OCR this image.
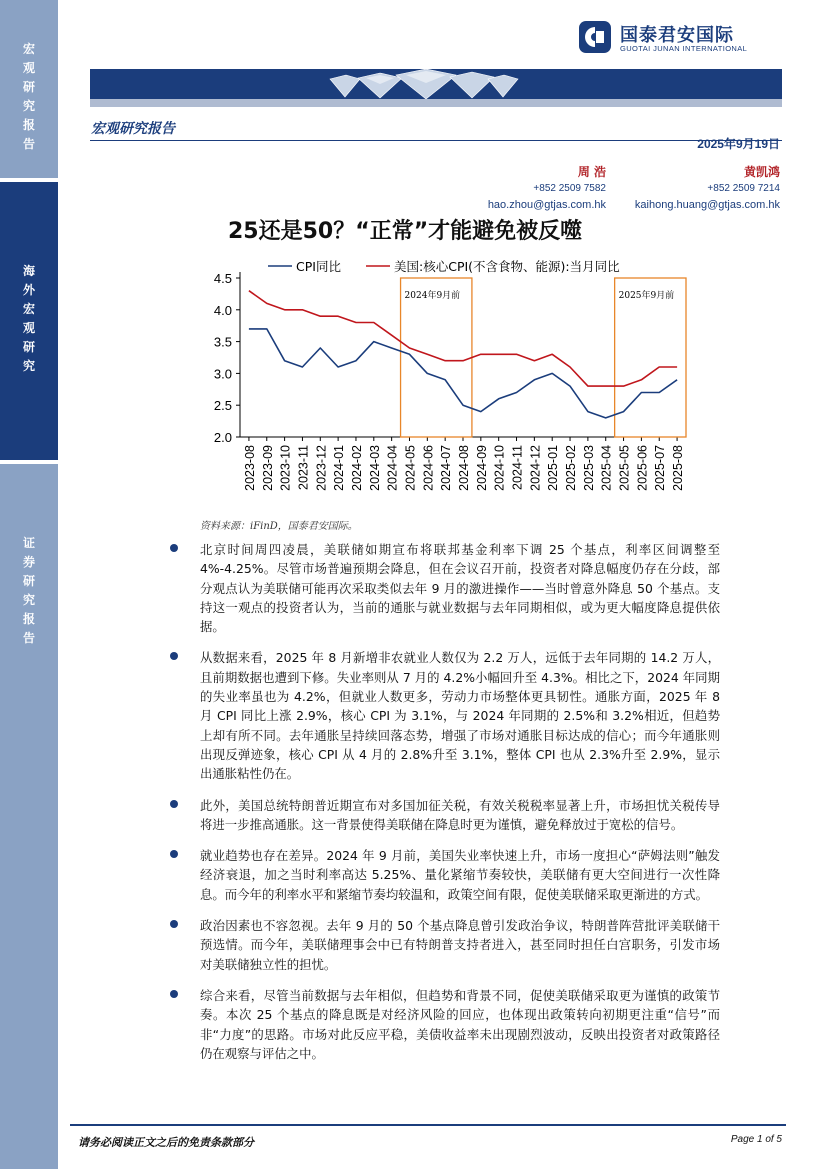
宏
观
研
究
报
告
海
外
宏
观
研
究
证
券
研
究
报
告
国泰君安国际
GUOTAI JUNAN INTERNATIONAL
宏观研究报告
2025年9月19日
周 浩
+852 2509 7582
hao.zhou@gtjas.com.hk
黄凯鸿
+852 2509 7214
kaihong.huang@gtjas.com.hk
25还是50？“正常”才能避免被反噬
4.5
4.0
3.5
3.0
2.5
2.0
2023-08 2023-09 2023-10 2023-11 2023-12 2024-01 2024-02 2024-03 2024-04 2024-05 2024-06 2024-07 2024-08 2024-09 2024-10 2024-11 2024-12 2025-01 2025-02 2025-03 2025-04 2025-05 2025-06 2025-07 2025-08
2024年9月前	2025年9月前
CPI同比	美国:核心CPI(不含食物、能源):当月同比
资料来源：iFinD，国泰君安国际。
北京时间周四凌晨，美联储如期宣布将联邦基金利率下调 25 个基点，利率区间调整至 4%-4.25%。尽管市场普遍预期会降息，但在会议召开前，投资者对降息幅度仍存在分歧，部分观点认为美联储可能再次采取类似去年 9 月的激进操作——当时曾意外降息 50 个基点。支持这一观点的投资者认为，当前的通胀与就业数据与去年同期相似，或为更大幅度降息提供依据。
从数据来看，2025 年 8 月新增非农就业人数仅为 2.2 万人，远低于去年同期的 14.2 万人，且前期数据也遭到下修。失业率则从 7 月的 4.2%小幅回升至 4.3%。相比之下，2024 年同期的失业率虽也为 4.2%，但就业人数更多，劳动力市场整体更具韧性。通胀方面，2025 年 8 月 CPI 同比上涨 2.9%，核心 CPI 为 3.1%，与 2024 年同期的 2.5%和 3.2%相近，但趋势上却有所不同。去年通胀呈持续回落态势，增强了市场对通胀目标达成的信心；而今年通胀则出现反弹迹象，核心 CPI 从 4 月的 2.8%升至 3.1%，整体 CPI 也从 2.3%升至 2.9%，显示出通胀粘性仍在。
此外，美国总统特朗普近期宣布对多国加征关税，有效关税税率显著上升，市场担忧关税传导将进一步推高通胀。这一背景使得美联储在降息时更为谨慎，避免释放过于宽松的信号。
就业趋势也存在差异。2024 年 9 月前，美国失业率快速上升，市场一度担心“萨姆法则”触发经济衰退，加之当时利率高达 5.25%、量化紧缩节奏较快，美联储有更大空间进行一次性降息。而今年的利率水平和紧缩节奏均较温和，政策空间有限，促使美联储采取更渐进的方式。
政治因素也不容忽视。去年 9 月的 50 个基点降息曾引发政治争议，特朗普阵营批评美联储干预选情。而今年，美联储理事会中已有特朗普支持者进入，甚至同时担任白宫职务，引发市场对美联储独立性的担忧。
综合来看，尽管当前数据与去年相似，但趋势和背景不同，促使美联储采取更为谨慎的政策节奏。本次 25 个基点的降息既是对经济风险的回应，也体现出政策转向初期更注重“信号”而非“力度”的思路。市场对此反应平稳，美债收益率未出现剧烈波动，反映出投资者对政策路径仍在观察与评估之中。
请务必阅读正文之后的免责条款部分	Page 1 of 5
